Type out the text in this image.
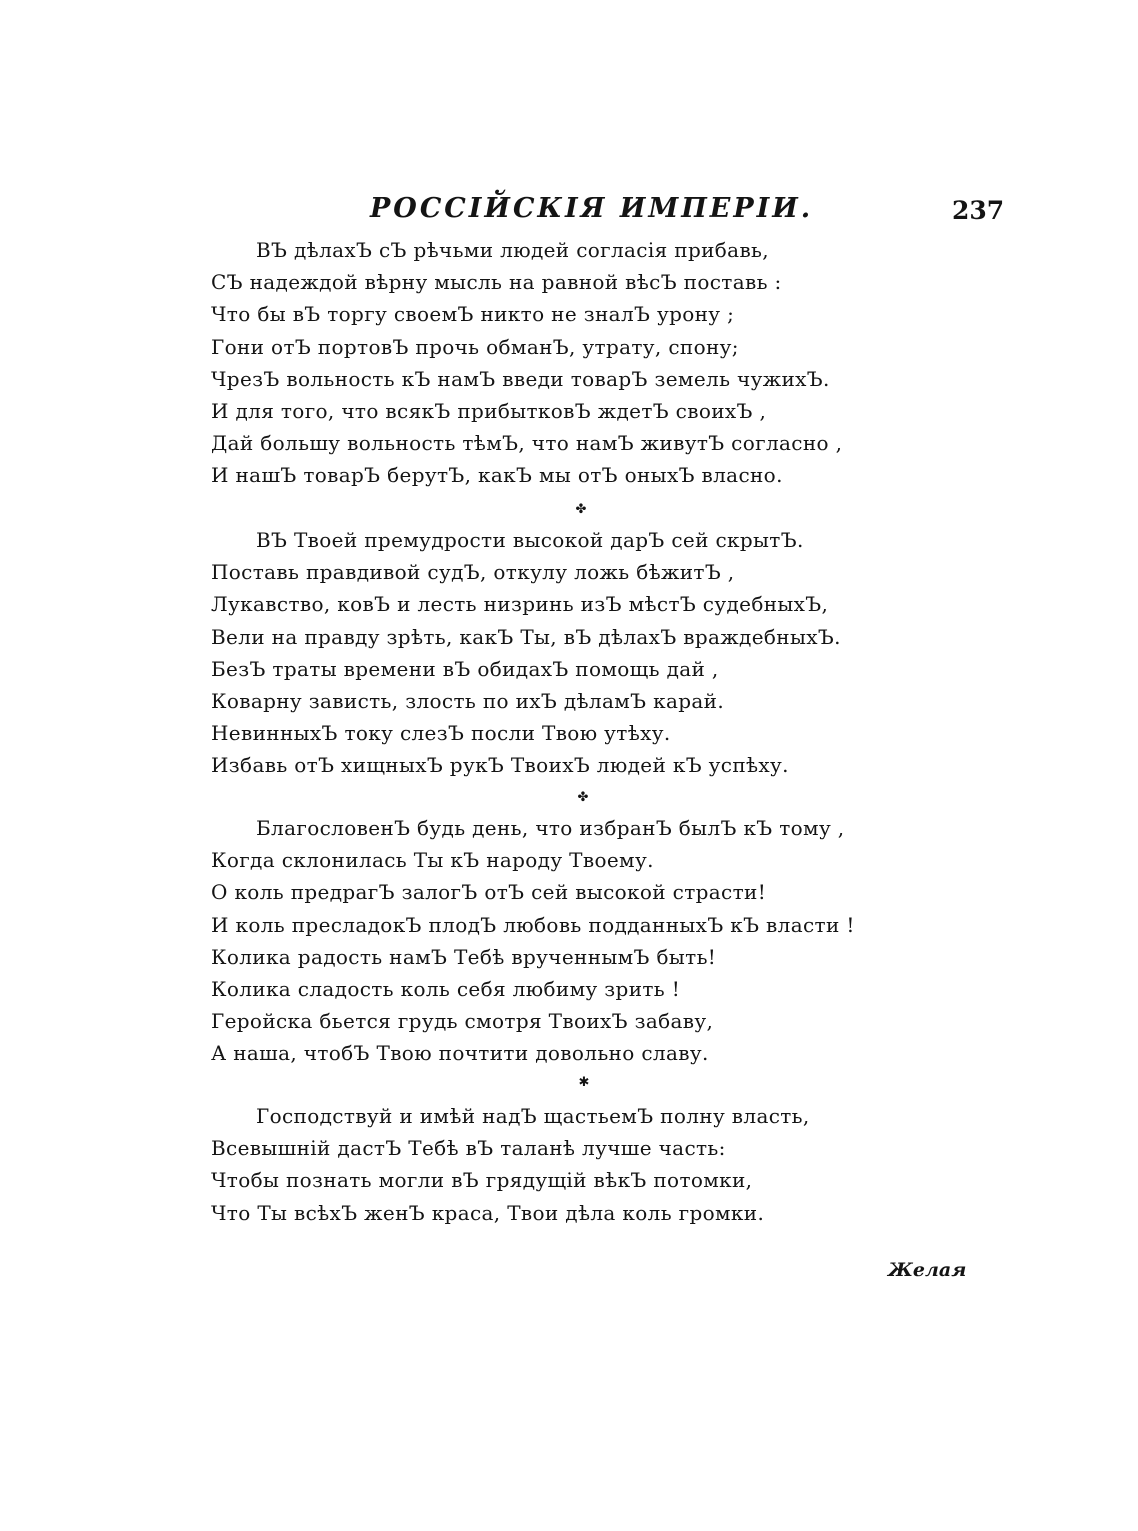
РОССІЙСКІЯ ИМПЕРІИ.	237
ВЪ дѣлахЪ сЪ рѣчьми людей согласія прибавь,
СЪ надеждой вѣрну мысль на равной вѣсЪ поставь :
Что бы вЪ торгу своемЪ никто не зналЪ урону ;
Гони отЪ портовЪ прочь обманЪ, утрату, спону;
ЧрезЪ вольность кЪ намЪ введи товарЪ земель чужихЪ.
И для того, что всякЪ прибытковЪ ждетЪ своихЪ ,
Дай большу вольность тѣмЪ, что намЪ живутЪ согласно ,
И нашЪ товарЪ берутЪ, какЪ мы отЪ оныхЪ власно.
✤
ВЪ Твоей премудрости высокой дарЪ сей скрытЪ.
Поставь правдивой судЪ, откулу ложь бѣжитЪ ,
Лукавство, ковЪ и лесть низринь изЪ мѣстЪ судебныхЪ,
Вели на правду зрѣть, какЪ Ты, вЪ дѣлахЪ враждебныхЪ.
БезЪ траты времени вЪ обидахЪ помощь дай ,
Коварну зависть, злость по ихЪ дѣламЪ карай.
НевинныхЪ току слезЪ посли Твою утѣху.
Избавь отЪ хищныхЪ рукЪ ТвоихЪ людей кЪ успѣху.
✤
БлагословенЪ будь день, что избранЪ былЪ кЪ тому ,
Когда склонилась Ты кЪ народу Твоему.
О коль предрагЪ залогЪ отЪ сей высокой страсти!
И коль пресладокЪ плодЪ любовь подданныхЪ кЪ власти !
Колика радость намЪ Тебѣ врученнымЪ быть!
Колика сладость коль себя любиму зрить !
Геройска бьется грудь смотря ТвоихЪ забаву,
А наша, чтобЪ Твою почтити довольно славу.
✱
Господствуй и имѣй надЪ щастьемЪ полну власть,
Всевышній дастЪ Тебѣ вЪ таланѣ лучше часть:
Чтобы познать могли вЪ грядущій вѣкЪ потомки,
Что Ты всѣхЪ женЪ краса, Твои дѣла коль громки.
Желая
